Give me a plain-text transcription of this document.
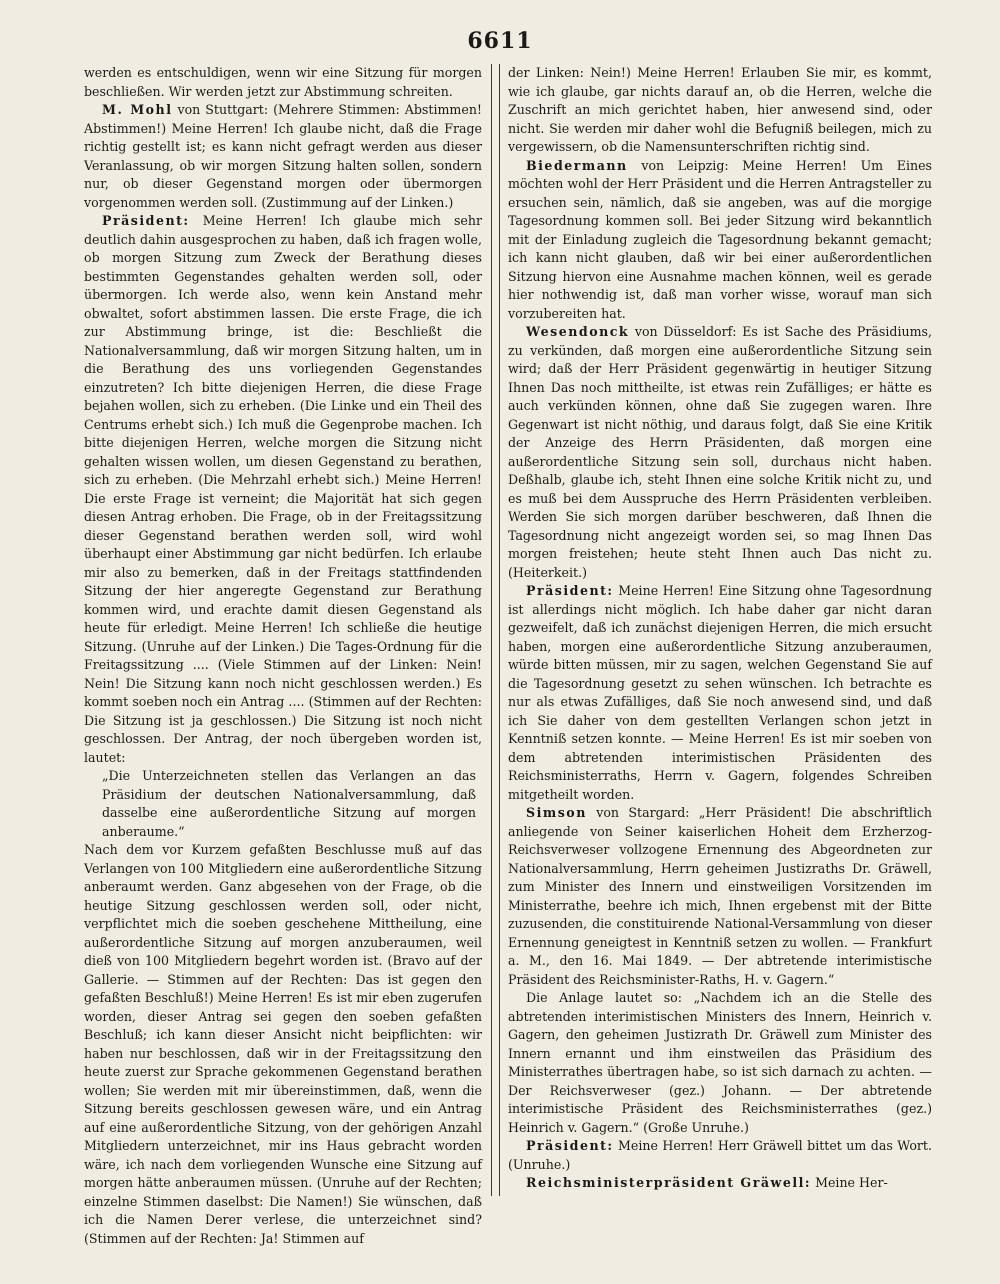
6611

werden es entschuldigen, wenn wir eine Sitzung für morgen beschließen. Wir werden jetzt zur Abstimmung schreiten.

M. Mohl von Stuttgart: (Mehrere Stimmen: Abstimmen! Abstimmen!) Meine Herren! Ich glaube nicht, daß die Frage richtig gestellt ist; es kann nicht gefragt werden aus dieser Veranlassung, ob wir morgen Sitzung halten sollen, sondern nur, ob dieser Gegenstand morgen oder übermorgen vorgenommen werden soll. (Zustimmung auf der Linken.)

Präsident: Meine Herren! Ich glaube mich sehr deutlich dahin ausgesprochen zu haben, daß ich fragen wolle, ob morgen Sitzung zum Zweck der Berathung dieses bestimmten Gegenstandes gehalten werden soll, oder übermorgen. Ich werde also, wenn kein Anstand mehr obwaltet, sofort abstimmen lassen. Die erste Frage, die ich zur Abstimmung bringe, ist die: Beschließt die Nationalversammlung, daß wir morgen Sitzung halten, um in die Berathung des uns vorliegenden Gegenstandes einzutreten? Ich bitte diejenigen Herren, die diese Frage bejahen wollen, sich zu erheben. (Die Linke und ein Theil des Centrums erhebt sich.) Ich muß die Gegenprobe machen. Ich bitte diejenigen Herren, welche morgen die Sitzung nicht gehalten wissen wollen, um diesen Gegenstand zu berathen, sich zu erheben. (Die Mehrzahl erhebt sich.) Meine Herren! Die erste Frage ist verneint; die Majorität hat sich gegen diesen Antrag erhoben. Die Frage, ob in der Freitagssitzung dieser Gegenstand berathen werden soll, wird wohl überhaupt einer Abstimmung gar nicht bedürfen. Ich erlaube mir also zu bemerken, daß in der Freitags stattfindenden Sitzung der hier angeregte Gegenstand zur Berathung kommen wird, und erachte damit diesen Gegenstand als heute für erledigt. Meine Herren! Ich schließe die heutige Sitzung. (Unruhe auf der Linken.) Die Tages-Ordnung für die Freitagssitzung .... (Viele Stimmen auf der Linken: Nein! Nein! Die Sitzung kann noch nicht geschlossen werden.) Es kommt soeben noch ein Antrag .... (Stimmen auf der Rechten: Die Sitzung ist ja geschlossen.) Die Sitzung ist noch nicht geschlossen. Der Antrag, der noch übergeben worden ist, lautet:

„Die Unterzeichneten stellen das Verlangen an das Präsidium der deutschen Nationalversammlung, daß dasselbe eine außerordentliche Sitzung auf morgen anberaume.“

Nach dem vor Kurzem gefaßten Beschlusse muß auf das Verlangen von 100 Mitgliedern eine außerordentliche Sitzung anberaumt werden. Ganz abgesehen von der Frage, ob die heutige Sitzung geschlossen werden soll, oder nicht, verpflichtet mich die soeben geschehene Mittheilung, eine außerordentliche Sitzung auf morgen anzuberaumen, weil dieß von 100 Mitgliedern begehrt worden ist. (Bravo auf der Gallerie. — Stimmen auf der Rechten: Das ist gegen den gefaßten Beschluß!) Meine Herren! Es ist mir eben zugerufen worden, dieser Antrag sei gegen den soeben gefaßten Beschluß; ich kann dieser Ansicht nicht beipflichten: wir haben nur beschlossen, daß wir in der Freitagssitzung den heute zuerst zur Sprache gekommenen Gegenstand berathen wollen; Sie werden mit mir übereinstimmen, daß, wenn die Sitzung bereits geschlossen gewesen wäre, und ein Antrag auf eine außerordentliche Sitzung, von der gehörigen Anzahl Mitgliedern unterzeichnet, mir ins Haus gebracht worden wäre, ich nach dem vorliegenden Wunsche eine Sitzung auf morgen hätte anberaumen müssen. (Unruhe auf der Rechten; einzelne Stimmen daselbst: Die Namen!) Sie wünschen, daß ich die Namen Derer verlese, die unterzeichnet sind? (Stimmen auf der Rechten: Ja! Stimmen auf

der Linken: Nein!) Meine Herren! Erlauben Sie mir, es kommt, wie ich glaube, gar nichts darauf an, ob die Herren, welche die Zuschrift an mich gerichtet haben, hier anwesend sind, oder nicht. Sie werden mir daher wohl die Befugniß beilegen, mich zu vergewissern, ob die Namensunterschriften richtig sind.

Biedermann von Leipzig: Meine Herren! Um Eines möchten wohl der Herr Präsident und die Herren Antragsteller zu ersuchen sein, nämlich, daß sie angeben, was auf die morgige Tagesordnung kommen soll. Bei jeder Sitzung wird bekanntlich mit der Einladung zugleich die Tagesordnung bekannt gemacht; ich kann nicht glauben, daß wir bei einer außerordentlichen Sitzung hiervon eine Ausnahme machen können, weil es gerade hier nothwendig ist, daß man vorher wisse, worauf man sich vorzubereiten hat.

Wesendonck von Düsseldorf: Es ist Sache des Präsidiums, zu verkünden, daß morgen eine außerordentliche Sitzung sein wird; daß der Herr Präsident gegenwärtig in heutiger Sitzung Ihnen Das noch mittheilte, ist etwas rein Zufälliges; er hätte es auch verkünden können, ohne daß Sie zugegen waren. Ihre Gegenwart ist nicht nöthig, und daraus folgt, daß Sie eine Kritik der Anzeige des Herrn Präsidenten, daß morgen eine außerordentliche Sitzung sein soll, durchaus nicht haben. Deßhalb, glaube ich, steht Ihnen eine solche Kritik nicht zu, und es muß bei dem Ausspruche des Herrn Präsidenten verbleiben. Werden Sie sich morgen darüber beschweren, daß Ihnen die Tagesordnung nicht angezeigt worden sei, so mag Ihnen Das morgen freistehen; heute steht Ihnen auch Das nicht zu. (Heiterkeit.)

Präsident: Meine Herren! Eine Sitzung ohne Tagesordnung ist allerdings nicht möglich. Ich habe daher gar nicht daran gezweifelt, daß ich zunächst diejenigen Herren, die mich ersucht haben, morgen eine außerordentliche Sitzung anzuberaumen, würde bitten müssen, mir zu sagen, welchen Gegenstand Sie auf die Tagesordnung gesetzt zu sehen wünschen. Ich betrachte es nur als etwas Zufälliges, daß Sie noch anwesend sind, und daß ich Sie daher von dem gestellten Verlangen schon jetzt in Kenntniß setzen konnte. — Meine Herren! Es ist mir soeben von dem abtretenden interimistischen Präsidenten des Reichsministerraths, Herrn v. Gagern, folgendes Schreiben mitgetheilt worden.

Simson von Stargard: „Herr Präsident! Die abschriftlich anliegende von Seiner kaiserlichen Hoheit dem Erzherzog-Reichsverweser vollzogene Ernennung des Abgeordneten zur Nationalversammlung, Herrn geheimen Justizraths Dr. Gräwell, zum Minister des Innern und einstweiligen Vorsitzenden im Ministerrathe, beehre ich mich, Ihnen ergebenst mit der Bitte zuzusenden, die constituirende National-Versammlung von dieser Ernennung geneigtest in Kenntniß setzen zu wollen. — Frankfurt a. M., den 16. Mai 1849. — Der abtretende interimistische Präsident des Reichsminister-Raths, H. v. Gagern.“

Die Anlage lautet so: „Nachdem ich an die Stelle des abtretenden interimistischen Ministers des Innern, Heinrich v. Gagern, den geheimen Justizrath Dr. Gräwell zum Minister des Innern ernannt und ihm einstweilen das Präsidium des Ministerrathes übertragen habe, so ist sich darnach zu achten. — Der Reichsverweser (gez.) Johann. — Der abtretende interimistische Präsident des Reichsministerrathes (gez.) Heinrich v. Gagern.“ (Große Unruhe.)

Präsident: Meine Herren! Herr Gräwell bittet um das Wort. (Unruhe.)

Reichsministerpräsident Gräwell: Meine Her-
